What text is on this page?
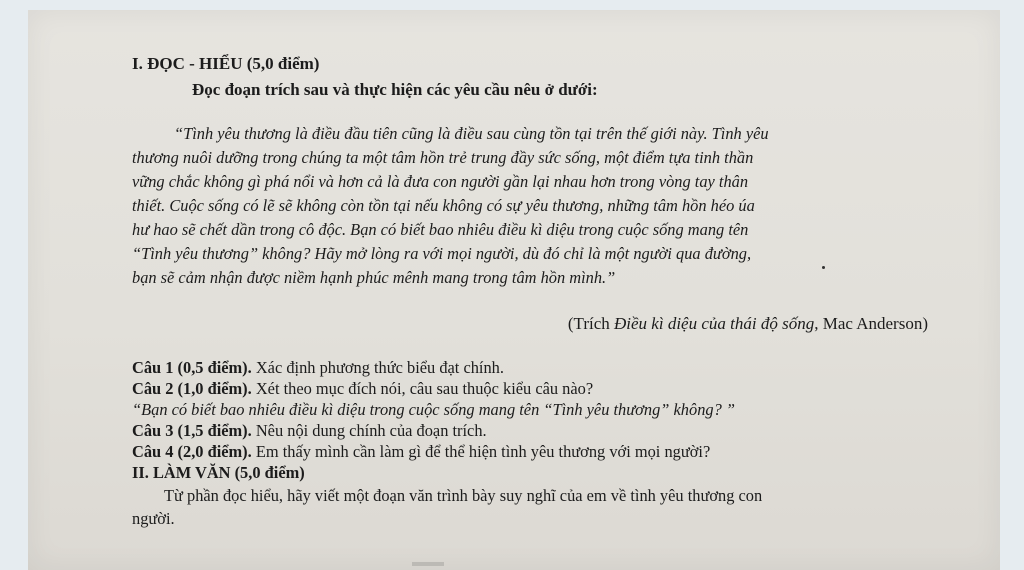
I. ĐỌC - HIỂU (5,0 điểm)
Đọc đoạn trích sau và thực hiện các yêu cầu nêu ở dưới:
“Tình yêu thương là điều đầu tiên cũng là điều sau cùng tồn tại trên thế giới này. Tình yêu
thương nuôi dưỡng trong chúng ta một tâm hồn trẻ trung đầy sức sống, một điểm tựa tinh thần
vững chắc không gì phá nổi và hơn cả là đưa con người gần lại nhau hơn trong vòng tay thân
thiết. Cuộc sống có lẽ sẽ không còn tồn tại nếu không có sự yêu thương, những tâm hồn héo úa
hư hao sẽ chết dần trong cô độc. Bạn có biết bao nhiêu điều kì diệu trong cuộc sống mang tên
“Tình yêu thương” không? Hãy mở lòng ra với mọi người, dù đó chỉ là một người qua đường,
bạn sẽ cảm nhận được niềm hạnh phúc mênh mang trong tâm hồn mình.”
(Trích Điều kì diệu của thái độ sống, Mac Anderson)
Câu 1 (0,5 điểm). Xác định phương thức biểu đạt chính.
Câu 2 (1,0 điểm). Xét theo mục đích nói, câu sau thuộc kiểu câu nào?
“Bạn có biết bao nhiêu điều kì diệu trong cuộc sống mang tên “Tình yêu thương” không? ”
Câu 3 (1,5 điểm). Nêu nội dung chính của đoạn trích.
Câu 4 (2,0 điểm). Em thấy mình cần làm gì để thể hiện tình yêu thương với mọi người?
II. LÀM VĂN (5,0 điểm)
Từ phần đọc hiểu, hãy viết một đoạn văn trình bày suy nghĩ của em về tình yêu thương con
người.
